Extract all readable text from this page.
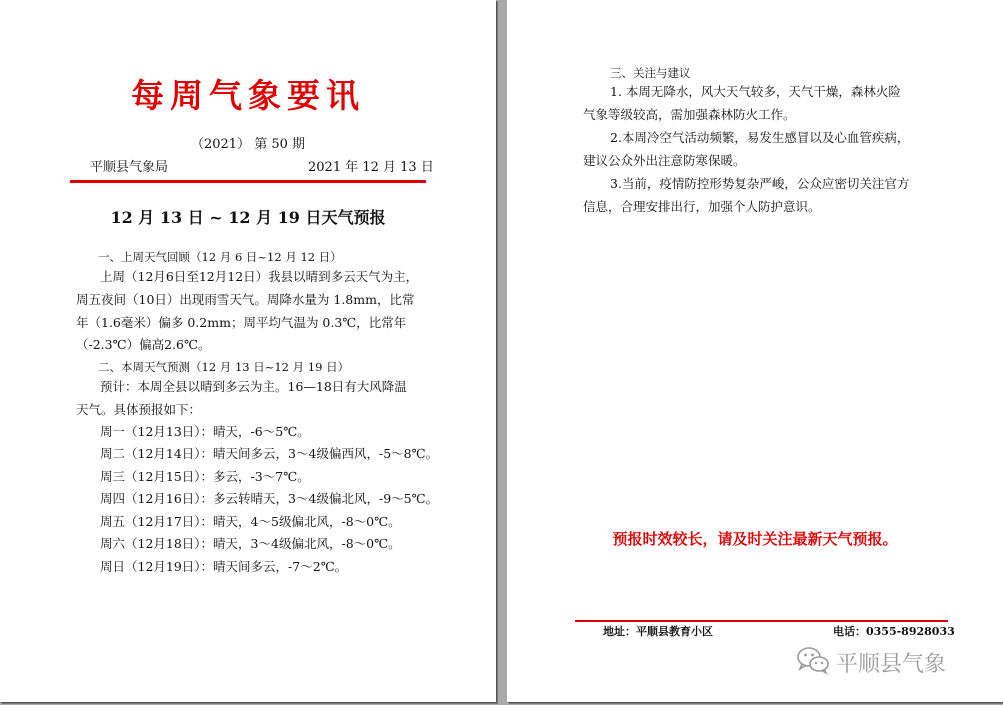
每周气象要讯
（2021） 第 50 期
平顺县气象局	2021 年 12 月 13 日
12 月 13 日 ~ 12 月 19 日天气预报
一、上周天气回顾（12 月 6 日~12 月 12 日）
上周（12月6日至12月12日）我县以晴到多云天气为主，
周五夜间（10日）出现雨雪天气。周降水量为 1.8mm，比常
年（1.6毫米）偏多 0.2mm；周平均气温为 0.3℃，比常年
（-2.3℃）偏高2.6℃。
二、本周天气预测（12 月 13 日~12 月 19 日）
预计：本周全县以晴到多云为主。16—18日有大风降温
天气。具体预报如下：
周一（12月13日）：晴天，-6～5℃。
周二（12月14日）：晴天间多云，3～4级偏西风，-5～8℃。
周三（12月15日）：多云，-3～7℃。
周四（12月16日）：多云转晴天，3～4级偏北风，-9～5℃。
周五（12月17日）：晴天，4～5级偏北风，-8～0℃。
周六（12月18日）：晴天，3～4级偏北风，-8～0℃。
周日（12月19日）：晴天间多云，-7～2℃。
三、关注与建议
1. 本周无降水，风大天气较多，天气干燥，森林火险
气象等级较高，需加强森林防火工作。
2.本周冷空气活动频繁，易发生感冒以及心血管疾病，
建议公众外出注意防寒保暖。
3.当前，疫情防控形势复杂严峻，公众应密切关注官方
信息，合理安排出行，加强个人防护意识。
预报时效较长，请及时关注最新天气预报。
地址：平顺县教育小区	电话：0355-8928033
平顺县气象
